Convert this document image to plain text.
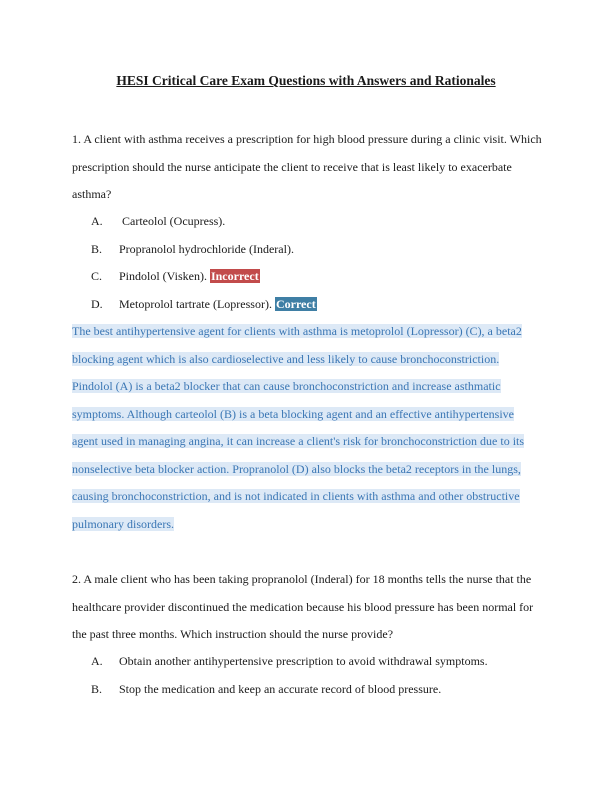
HESI Critical Care Exam Questions with Answers and Rationales
1. A client with asthma receives a prescription for high blood pressure during a clinic visit. Which prescription should the nurse anticipate the client to receive that is least likely to exacerbate asthma?
A. Carteolol (Ocupress).
B. Propranolol hydrochloride (Inderal).
C. Pindolol (Visken). Incorrect
D. Metoprolol tartrate (Lopressor). Correct
The best antihypertensive agent for clients with asthma is metoprolol (Lopressor) (C), a beta2 blocking agent which is also cardioselective and less likely to cause bronchoconstriction. Pindolol (A) is a beta2 blocker that can cause bronchoconstriction and increase asthmatic symptoms. Although carteolol (B) is a beta blocking agent and an effective antihypertensive agent used in managing angina, it can increase a client's risk for bronchoconstriction due to its nonselective beta blocker action. Propranolol (D) also blocks the beta2 receptors in the lungs, causing bronchoconstriction, and is not indicated in clients with asthma and other obstructive pulmonary disorders.
2. A male client who has been taking propranolol (Inderal) for 18 months tells the nurse that the healthcare provider discontinued the medication because his blood pressure has been normal for the past three months. Which instruction should the nurse provide?
A. Obtain another antihypertensive prescription to avoid withdrawal symptoms.
B. Stop the medication and keep an accurate record of blood pressure.
